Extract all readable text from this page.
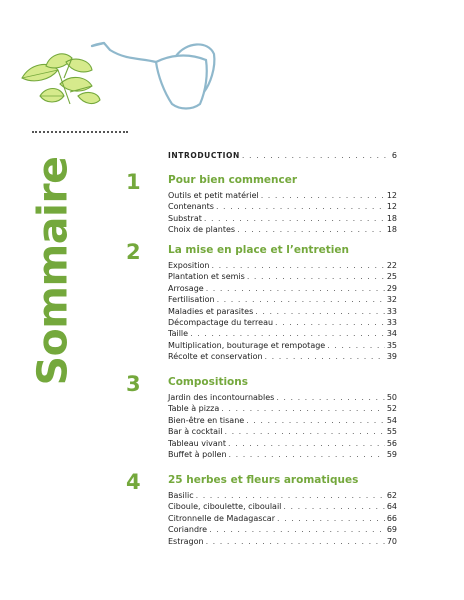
Sommaire
INTRODUCTION . . .	6
1	Pour bien commencer
Outils et petit matériel . . .	12
Contenants . . .	12
Substrat . . .	18
Choix de plantes . . .	18
2	La mise en place et l’entretien
Exposition . . .	22
Plantation et semis . . .	25
Arrosage . . .	29
Fertilisation . . .	32
Maladies et parasites . . .	33
Décompactage du terreau . . .	33
Taille . . .	34
Multiplication, bouturage et rempotage . . .	35
Récolte et conservation . . .	39
3	Compositions
Jardin des incontournables . . .	50
Table à pizza . . .	52
Bien-être en tisane . . .	54
Bar à cocktail . . .	55
Tableau vivant . . .	56
Buffet à pollen . . .	59
4	25 herbes et fleurs aromatiques
Basilic . . .	62
Ciboule, ciboulette, ciboulail . . .	64
Citronnelle de Madagascar . . .	66
Coriandre . . .	69
Estragon . . .	70
